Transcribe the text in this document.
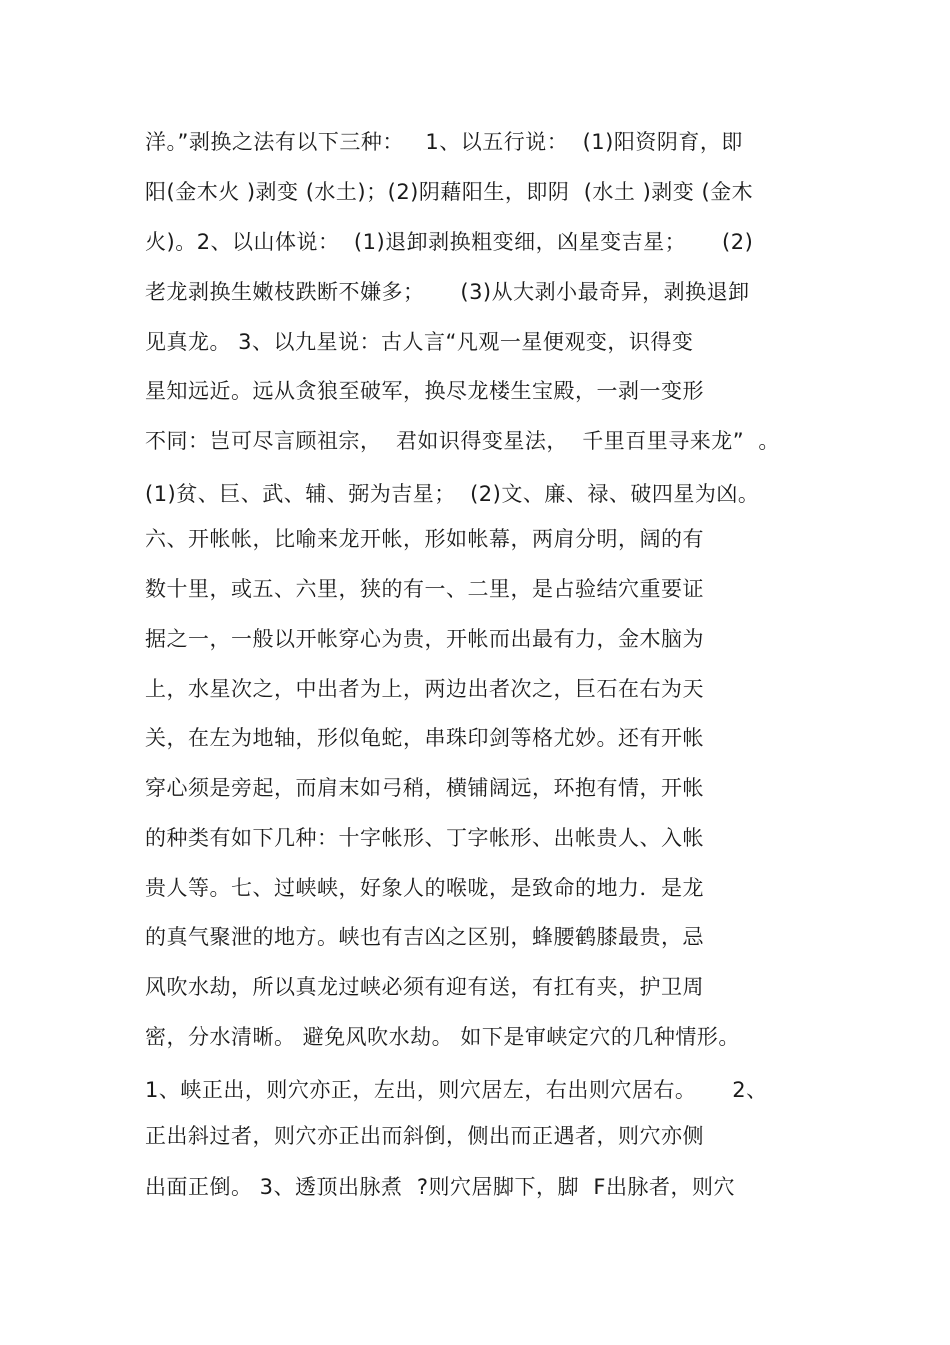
洋。”剥换之法有以下三种：   1、以五行说：  (1)阳资阴育，即
阳(金木火 )剥变 (水土)；(2)阴藉阳生，即阴  (水土 )剥变 (金木
火)。2、以山体说：  (1)退卸剥换粗变细，凶星变吉星；     (2)
老龙剥换生嫩枝跌断不嫌多；     (3)从大剥小最奇异，剥换退卸
见真龙。 3、以九星说：古人言“凡观一星便观变，识得变
星知远近。远从贪狼至破军，换尽龙楼生宝殿，一剥一变形
不同：岂可尽言顾祖宗，  君如识得变星法，  千里百里寻来龙”  。
(1)贫、巨、武、辅、弼为吉星；  (2)文、廉、禄、破四星为凶。
六、开帐帐，比喻来龙开帐，形如帐幕，两肩分明，阔的有
数十里，或五、六里，狭的有一、二里，是占验结穴重要证
据之一，一般以开帐穿心为贵，开帐而出最有力，金木脑为
上，水星次之，中出者为上，两边出者次之，巨石在右为天
关，在左为地轴，形似龟蛇，串珠印剑等格尤妙。还有开帐
穿心须是旁起，而肩末如弓稍，横铺阔远，环抱有情，开帐
的种类有如下几种：十字帐形、丁字帐形、出帐贵人、入帐
贵人等。七、过峡峡，好象人的喉咙，是致命的地力．是龙
的真气聚泄的地方。峡也有吉凶之区别，蜂腰鹤膝最贵，忌
风吹水劫，所以真龙过峡必须有迎有送，有扛有夹，护卫周
密，分水清晰。 避免风吹水劫。 如下是审峡定穴的几种情形。
1、峡正出，则穴亦正，左出，则穴居左，右出则穴居右。     2、
正出斜过者，则穴亦正出而斜倒，侧出而正遇者，则穴亦侧
出面正倒。 3、透顶出脉煮  ?则穴居脚下，脚  F出脉者，则穴
